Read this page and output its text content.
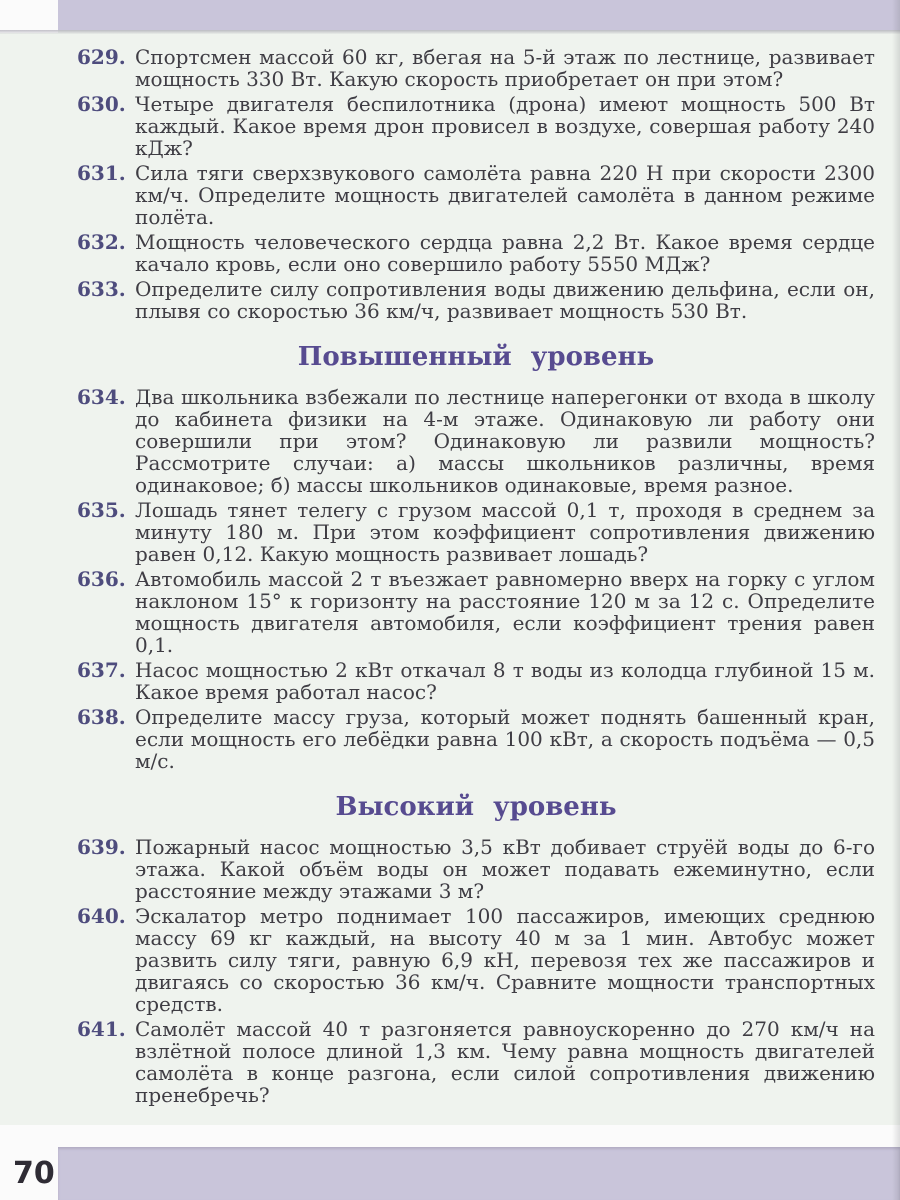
629. Спортсмен массой 60 кг, вбегая на 5-й этаж по лестнице, развивает мощность 330 Вт. Какую скорость приобретает он при этом?
630. Четыре двигателя беспилотника (дрона) имеют мощность 500 Вт каждый. Какое время дрон провисел в воздухе, совершая работу 240 кДж?
631. Сила тяги сверхзвукового самолёта равна 220 Н при скорости 2300 км/ч. Определите мощность двигателей самолёта в данном режиме полёта.
632. Мощность человеческого сердца равна 2,2 Вт. Какое время сердце качало кровь, если оно совершило работу 5550 МДж?
633. Определите силу сопротивления воды движению дельфина, если он, плывя со скоростью 36 км/ч, развивает мощность 530 Вт.
Повышенный уровень
634. Два школьника взбежали по лестнице наперегонки от входа в школу до кабинета физики на 4-м этаже. Одинаковую ли работу они совершили при этом? Одинаковую ли развили мощность? Рассмотрите случаи: а) массы школьников различны, время одинаковое; б) массы школьников одинаковые, время разное.
635. Лошадь тянет телегу с грузом массой 0,1 т, проходя в среднем за минуту 180 м. При этом коэффициент сопротивления движению равен 0,12. Какую мощность развивает лошадь?
636. Автомобиль массой 2 т въезжает равномерно вверх на горку с углом наклоном 15° к горизонту на расстояние 120 м за 12 с. Определите мощность двигателя автомобиля, если коэффициент трения равен 0,1.
637. Насос мощностью 2 кВт откачал 8 т воды из колодца глубиной 15 м. Какое время работал насос?
638. Определите массу груза, который может поднять башенный кран, если мощность его лебёдки равна 100 кВт, а скорость подъёма — 0,5 м/с.
Высокий уровень
639. Пожарный насос мощностью 3,5 кВт добивает струёй воды до 6-го этажа. Какой объём воды он может подавать ежеминутно, если расстояние между этажами 3 м?
640. Эскалатор метро поднимает 100 пассажиров, имеющих среднюю массу 69 кг каждый, на высоту 40 м за 1 мин. Автобус может развить силу тяги, равную 6,9 кН, перевозя тех же пассажиров и двигаясь со скоростью 36 км/ч. Сравните мощности транспортных средств.
641. Самолёт массой 40 т разгоняется равноускоренно до 270 км/ч на взлётной полосе длиной 1,3 км. Чему равна мощность двигателей самолёта в конце разгона, если силой сопротивления движению пренебречь?
70
